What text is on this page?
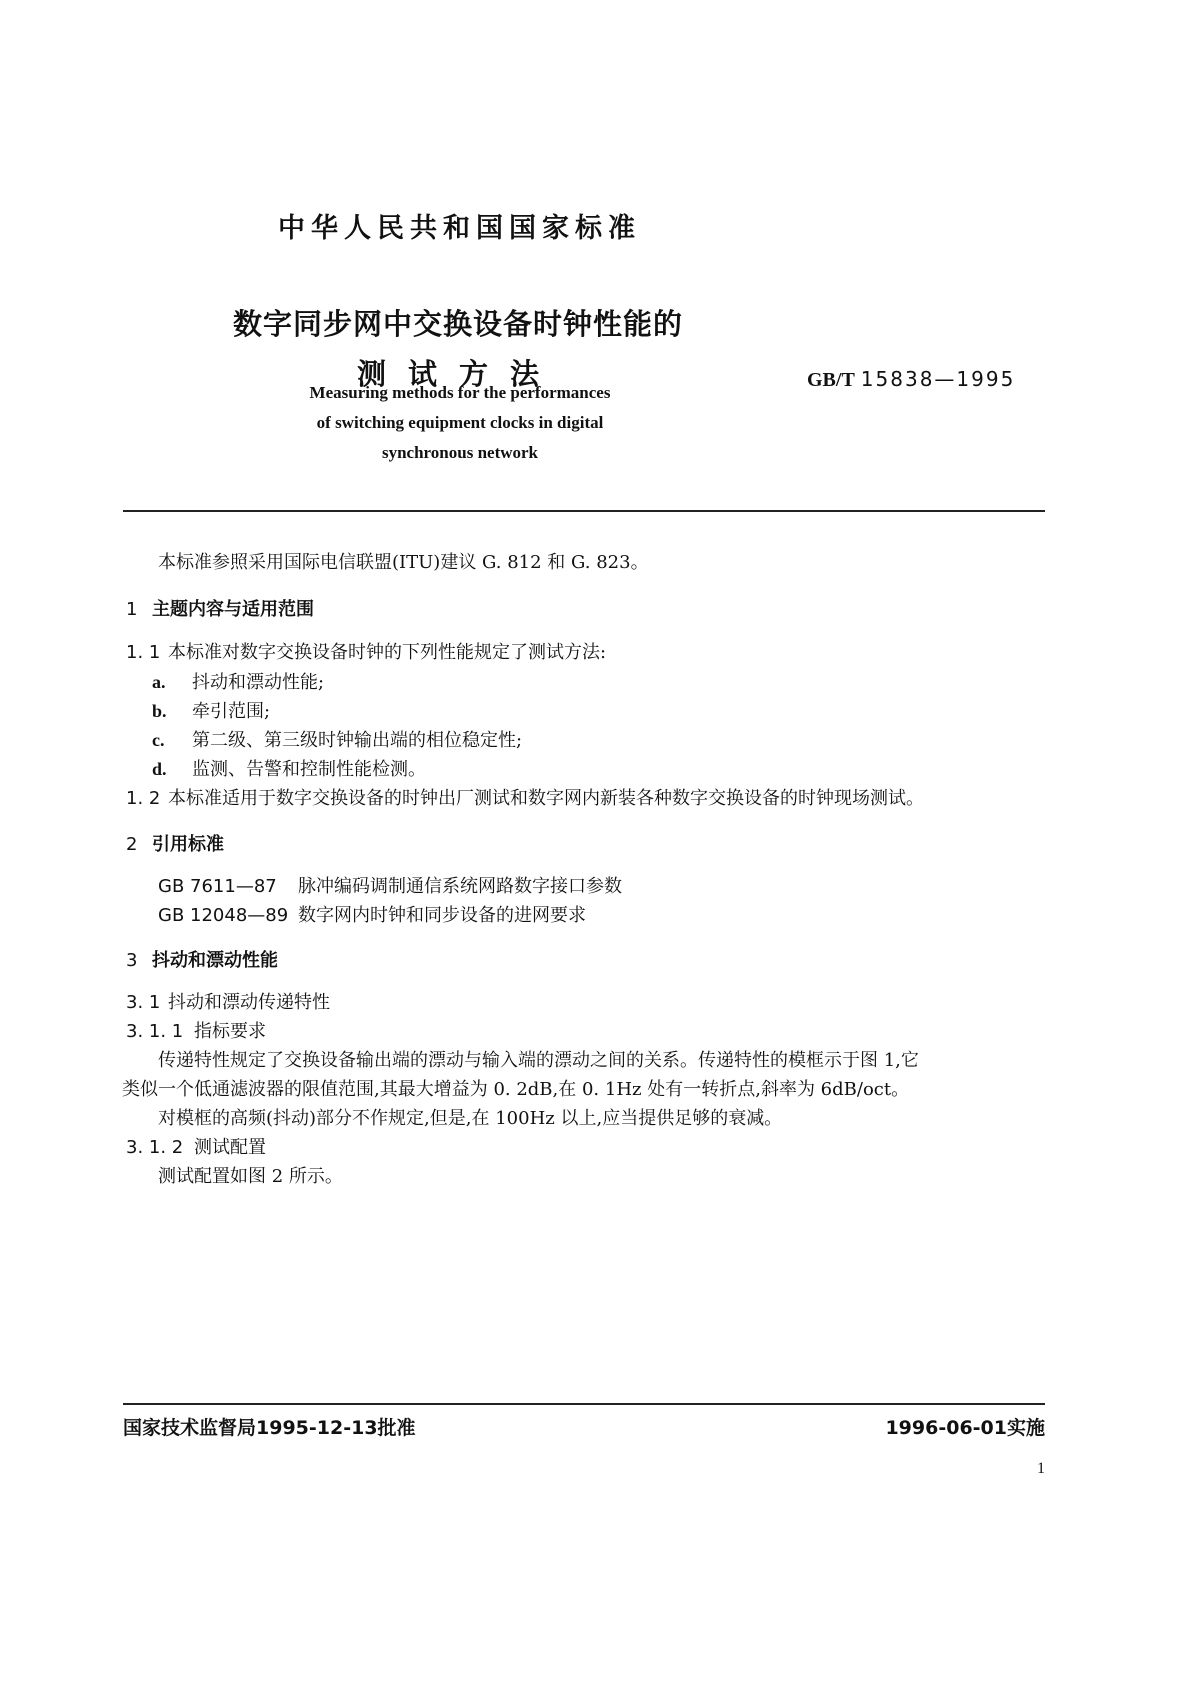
中华人民共和国国家标准
数字同步网中交换设备时钟性能的
测试方法	GB/T 15838—1995
Measuring methods for the performances
of switching equipment clocks in digital
synchronous network
本标准参照采用国际电信联盟(ITU)建议 G. 812 和 G. 823。
1 主题内容与适用范围
1. 1 本标准对数字交换设备时钟的下列性能规定了测试方法:
a. 抖动和漂动性能;
b. 牵引范围;
c. 第二级、第三级时钟输出端的相位稳定性;
d. 监测、告警和控制性能检测。
1. 2 本标准适用于数字交换设备的时钟出厂测试和数字网内新装各种数字交换设备的时钟现场测试。
2 引用标准
GB 7611—87 脉冲编码调制通信系统网路数字接口参数
GB 12048—89 数字网内时钟和同步设备的进网要求
3 抖动和漂动性能
3. 1 抖动和漂动传递特性
3. 1. 1 指标要求
传递特性规定了交换设备输出端的漂动与输入端的漂动之间的关系。传递特性的模框示于图 1,它
类似一个低通滤波器的限值范围,其最大增益为 0. 2dB,在 0. 1Hz 处有一转折点,斜率为 6dB/oct。
对模框的高频(抖动)部分不作规定,但是,在 100Hz 以上,应当提供足够的衰减。
3. 1. 2 测试配置
测试配置如图 2 所示。
国家技术监督局1995-12-13批准	1996-06-01实施
1
